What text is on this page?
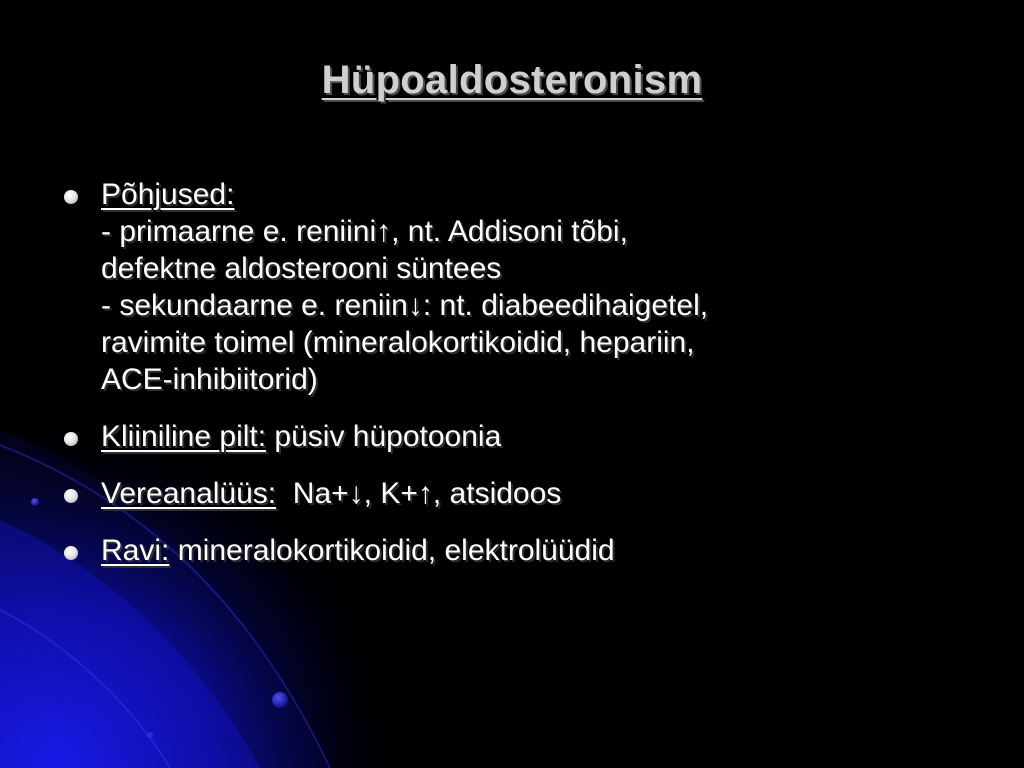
Hüpoaldosteronism
Põhjused:
- primaarne e. reniini↑, nt. Addisoni tõbi,
defektne aldosterooni süntees
- sekundaarne e. reniin↓: nt. diabeedihaigetel,
ravimite toimel (mineralokortikoidid, hepariin,
ACE-inhibiitorid)
Kliiniline pilt: püsiv hüpotoonia
Vereanalüüs:  Na+↓, K+↑, atsidoos
Ravi: mineralokortikoidid, elektrolüüdid
